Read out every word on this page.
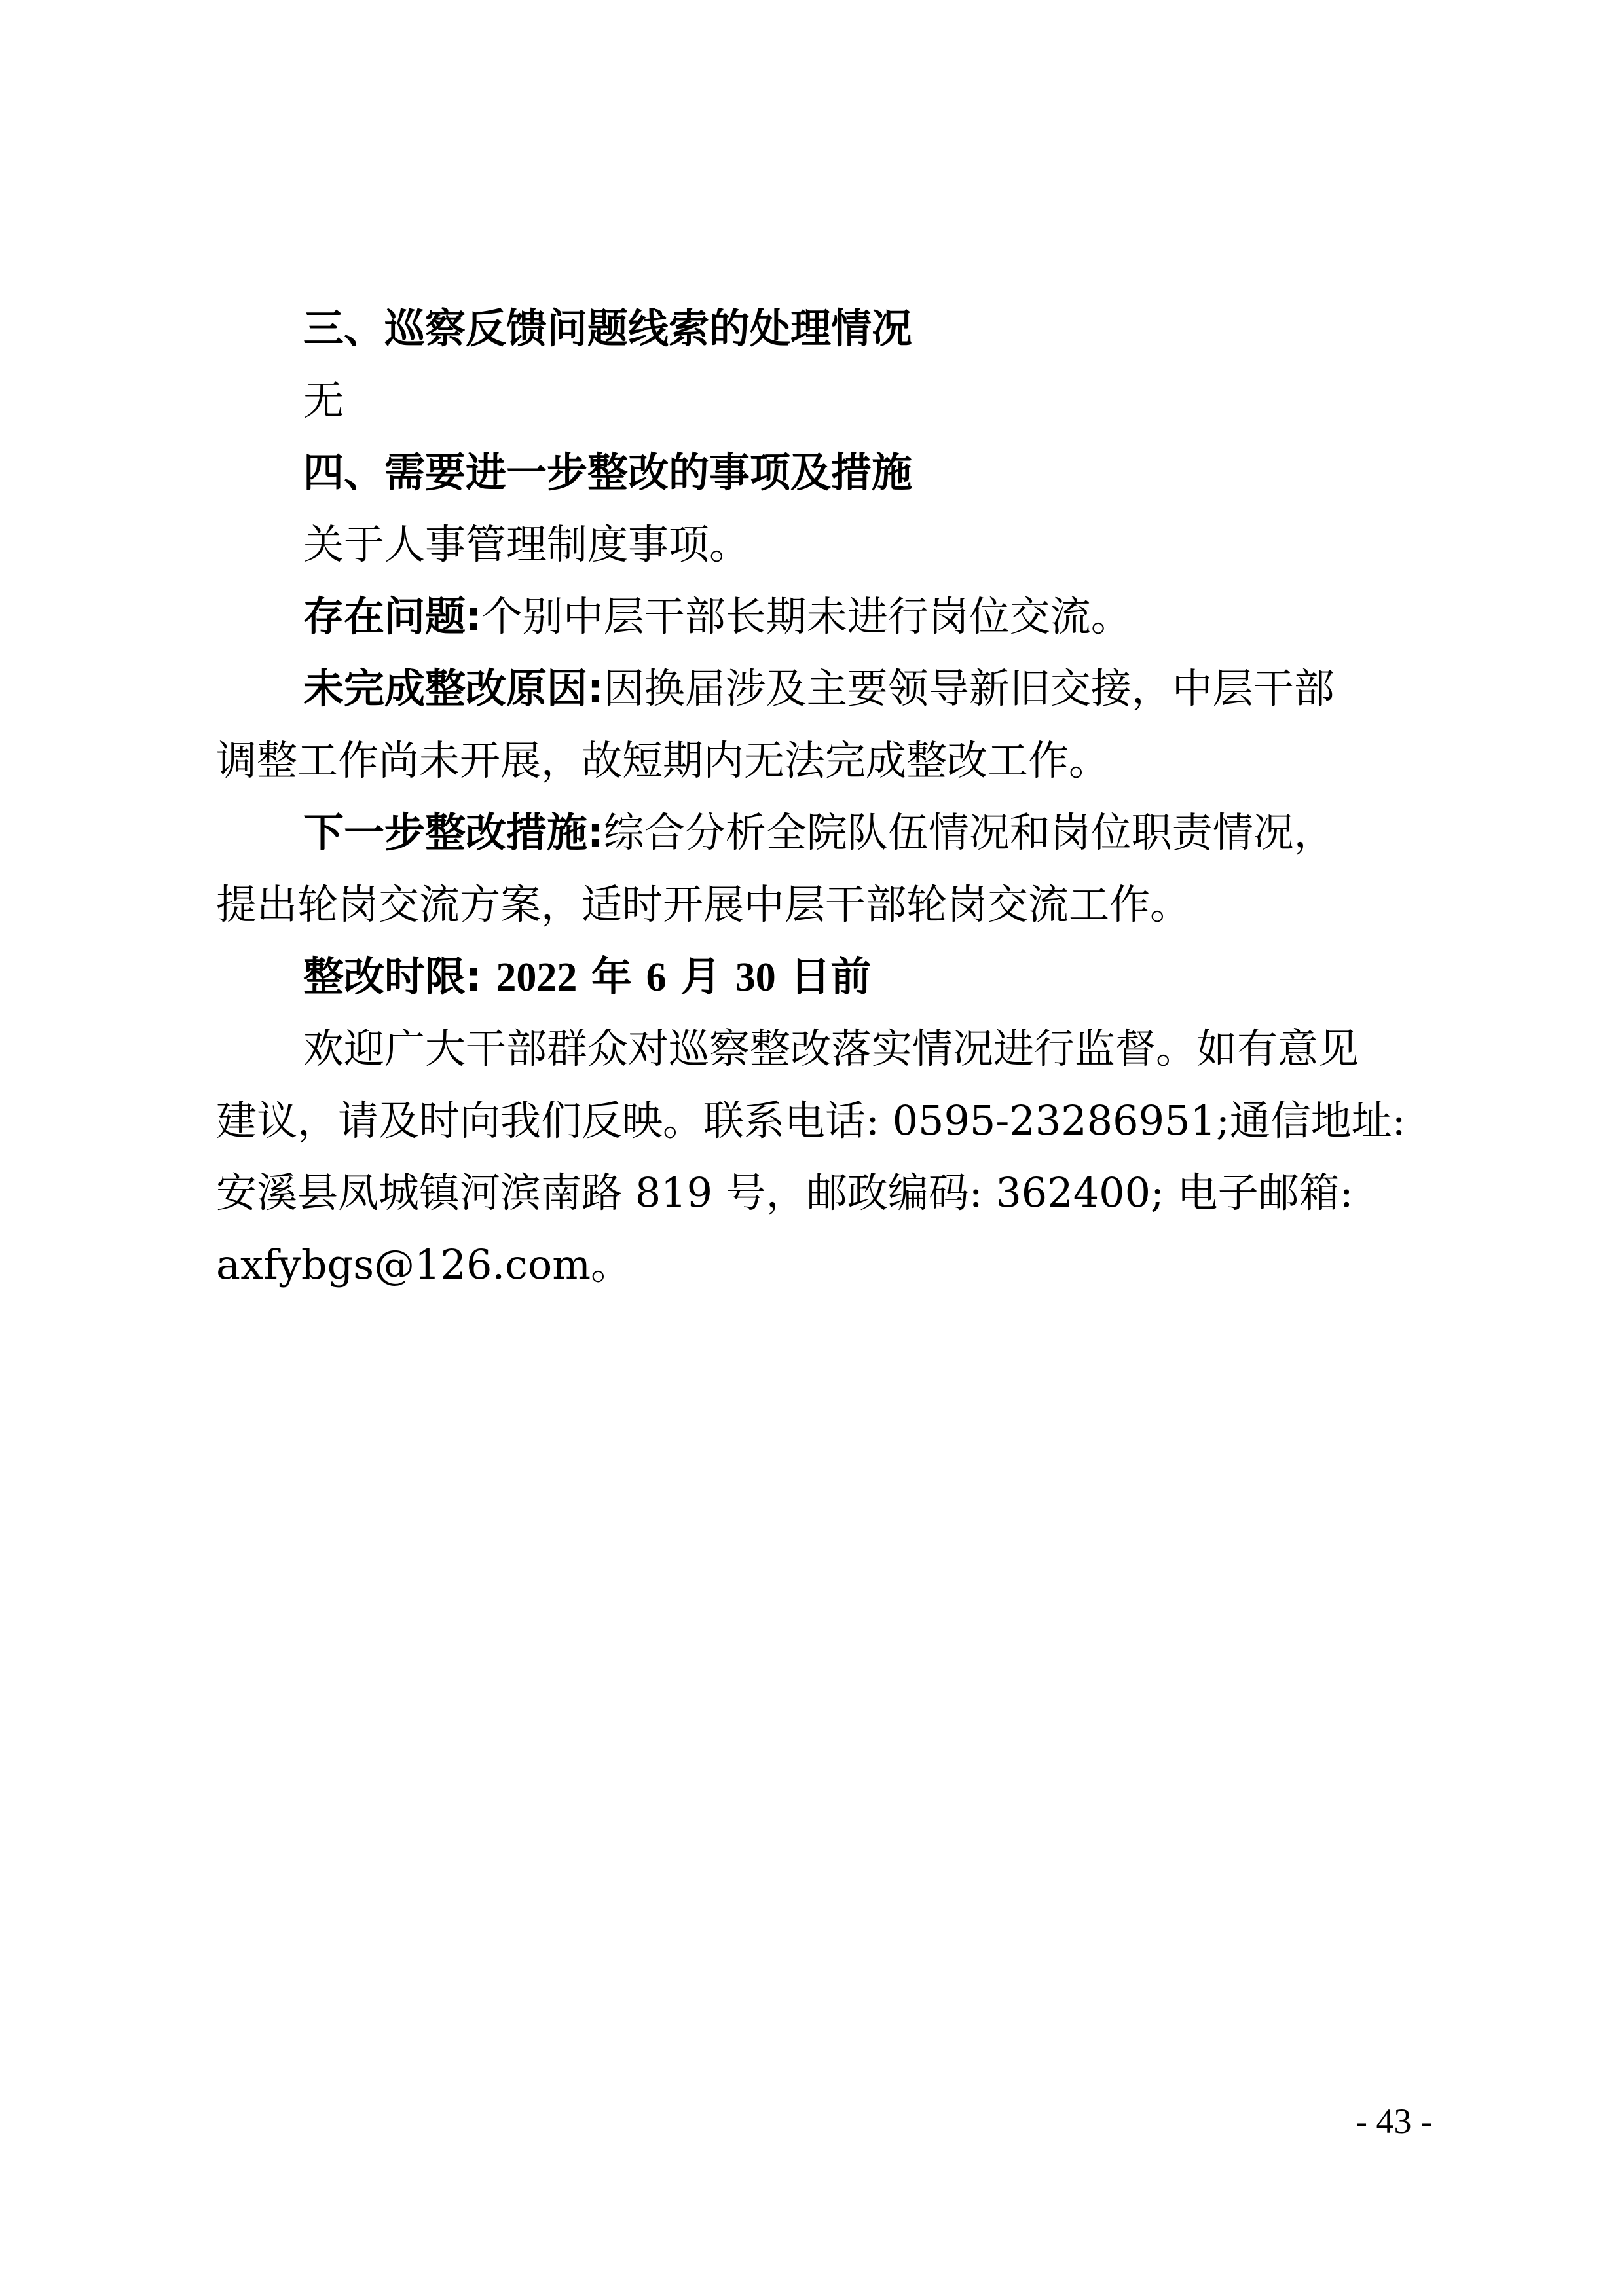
三、巡察反馈问题线索的处理情况
无
四、需要进一步整改的事项及措施
关于人事管理制度事项。
存在问题:个别中层干部长期未进行岗位交流。
未完成整改原因:因换届涉及主要领导新旧交接，中层干部
调整工作尚未开展，故短期内无法完成整改工作。
下一步整改措施:综合分析全院队伍情况和岗位职责情况，
提出轮岗交流方案，适时开展中层干部轮岗交流工作。
整改时限: 2022 年 6 月 30 日前
欢迎广大干部群众对巡察整改落实情况进行监督。如有意见
建议，请及时向我们反映。联系电话: 0595-23286951;通信地址:
安溪县凤城镇河滨南路 819 号，邮政编码: 362400; 电子邮箱:
axfybgs@126.com。
- 43 -
